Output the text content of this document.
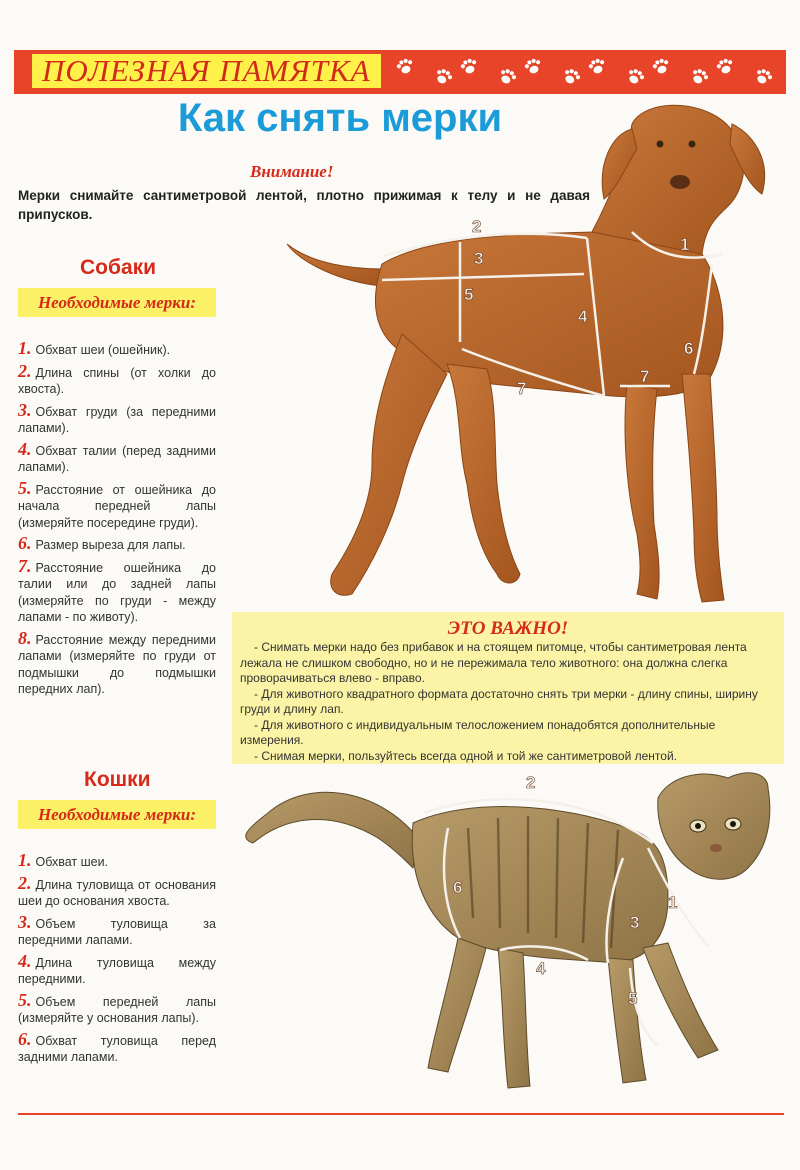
ПОЛЕЗНАЯ ПАМЯТКА
Как снять мерки
Внимание!
Мерки снимайте сантиметровой лентой, плотно прижимая к телу и не давая припусков.
1
2
3
4
5
6
7
7
Собаки
Необходимые мерки:
1. Обхват шеи (ошейник).
2. Длина спины (от холки до хвоста).
3. Обхват груди (за передними лапами).
4. Обхват талии (перед задними лапами).
5. Расстояние от ошейника до начала передней лапы (измеряйте посередине груди).
6. Размер выреза для лапы.
7. Расстояние ошейника до талии или до задней лапы (измеряйте по груди - между лапами - по животу).
8. Расстояние между передними лапами (измеряйте по груди от подмышки до подмышки передних лап).
ЭТО ВАЖНО!

- Снимать мерки надо без прибавок и на стоящем питомце, чтобы сантиметровая лента лежала не слишком свободно, но и не пережимала тело животного: она должна слегка проворачиваться влево - вправо.

- Для животного квадратного формата достаточно снять три мерки - длину спины, ширину груди и длину лап.

- Для животного с индивидуальным телосложением понадобятся дополнительные измерения.

- Снимая мерки, пользуйтесь всегда одной и той же сантиметровой лентой.

Кошки
Необходимые мерки:
1. Обхват шеи.
2. Длина туловища от основания шеи до основания хвоста.
3. Объем туловища за передними лапами.
4. Длина туловища между передними.
5. Объем передней лапы (измеряйте у основания лапы).
6. Обхват туловища перед задними лапами.
1
2
3
4
5
6
